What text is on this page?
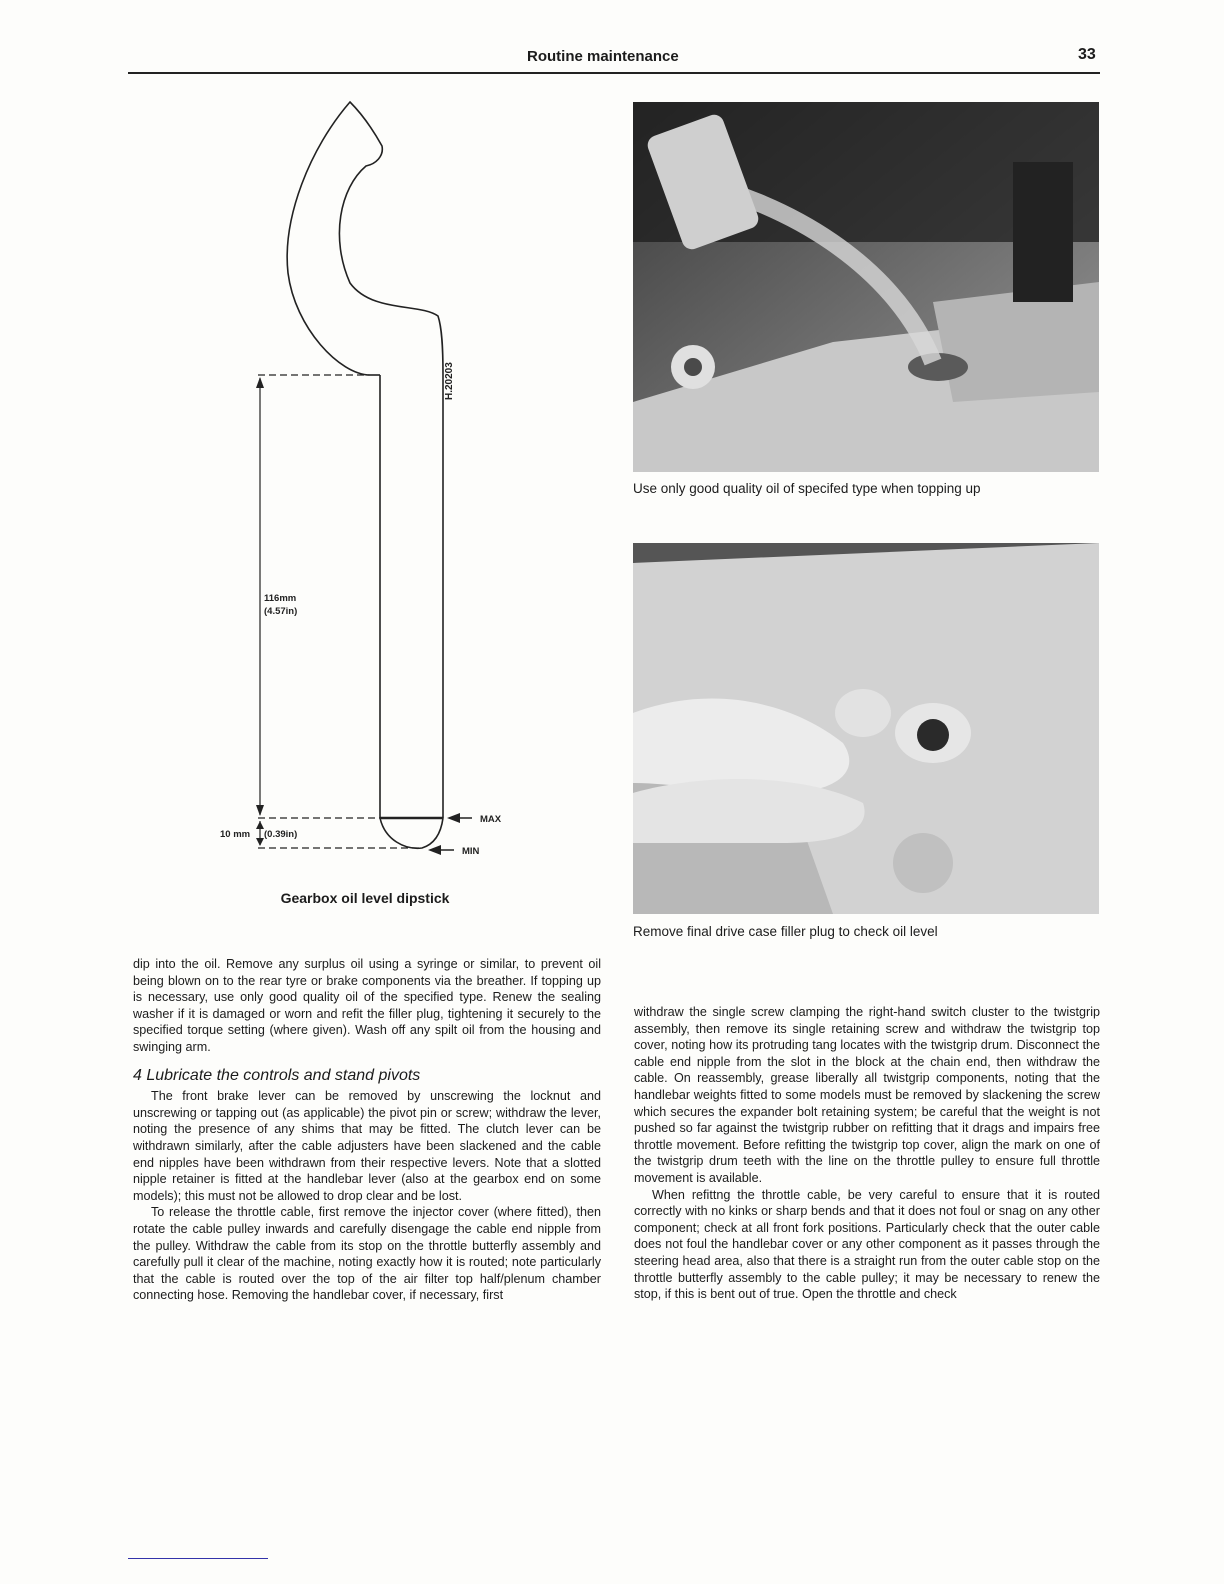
Routine maintenance	33
H.20203
116mm
(4.57in)
10 mm (0.39in)
MAX
MIN
Gearbox oil level dipstick
Use only good quality oil of specifed type when topping up
Remove final drive case filler plug to check oil level

dip into the oil. Remove any surplus oil using a syringe or similar, to prevent oil being blown on to the rear tyre or brake components via the breather. If topping up is necessary, use only good quality oil of the specified type. Renew the sealing washer if it is damaged or worn and refit the filler plug, tightening it securely to the specified torque setting (where given). Wash off any spilt oil from the housing and swinging arm.

4 Lubricate the controls and stand pivots

The front brake lever can be removed by unscrewing the locknut and unscrewing or tapping out (as applicable) the pivot pin or screw; withdraw the lever, noting the presence of any shims that may be fitted. The clutch lever can be withdrawn similarly, after the cable adjusters have been slackened and the cable end nipples have been withdrawn from their respective levers. Note that a slotted nipple retainer is fitted at the handlebar lever (also at the gearbox end on some models); this must not be allowed to drop clear and be lost.

To release the throttle cable, first remove the injector cover (where fitted), then rotate the cable pulley inwards and carefully disengage the cable end nipple from the pulley. Withdraw the cable from its stop on the throttle butterfly assembly and carefully pull it clear of the machine, noting exactly how it is routed; note particularly that the cable is routed over the top of the air filter top half/plenum chamber connecting hose. Removing the handlebar cover, if necessary, first

withdraw the single screw clamping the right-hand switch cluster to the twistgrip assembly, then remove its single retaining screw and withdraw the twistgrip top cover, noting how its protruding tang locates with the twistgrip drum. Disconnect the cable end nipple from the slot in the block at the chain end, then withdraw the cable. On reassembly, grease liberally all twistgrip components, noting that the handlebar weights fitted to some models must be removed by slackening the screw which secures the expander bolt retaining system; be careful that the weight is not pushed so far against the twistgrip rubber on refitting that it drags and impairs free throttle movement. Before refitting the twistgrip top cover, align the mark on one of the twistgrip drum teeth with the line on the throttle pulley to ensure full throttle movement is available.

When refittng the throttle cable, be very careful to ensure that it is routed correctly with no kinks or sharp bends and that it does not foul or snag on any other component; check at all front fork positions. Particularly check that the outer cable does not foul the handlebar cover or any other component as it passes through the steering head area, also that there is a straight run from the outer cable stop on the throttle butterfly assembly to the cable pulley; it may be necessary to renew the stop, if this is bent out of true. Open the throttle and check
